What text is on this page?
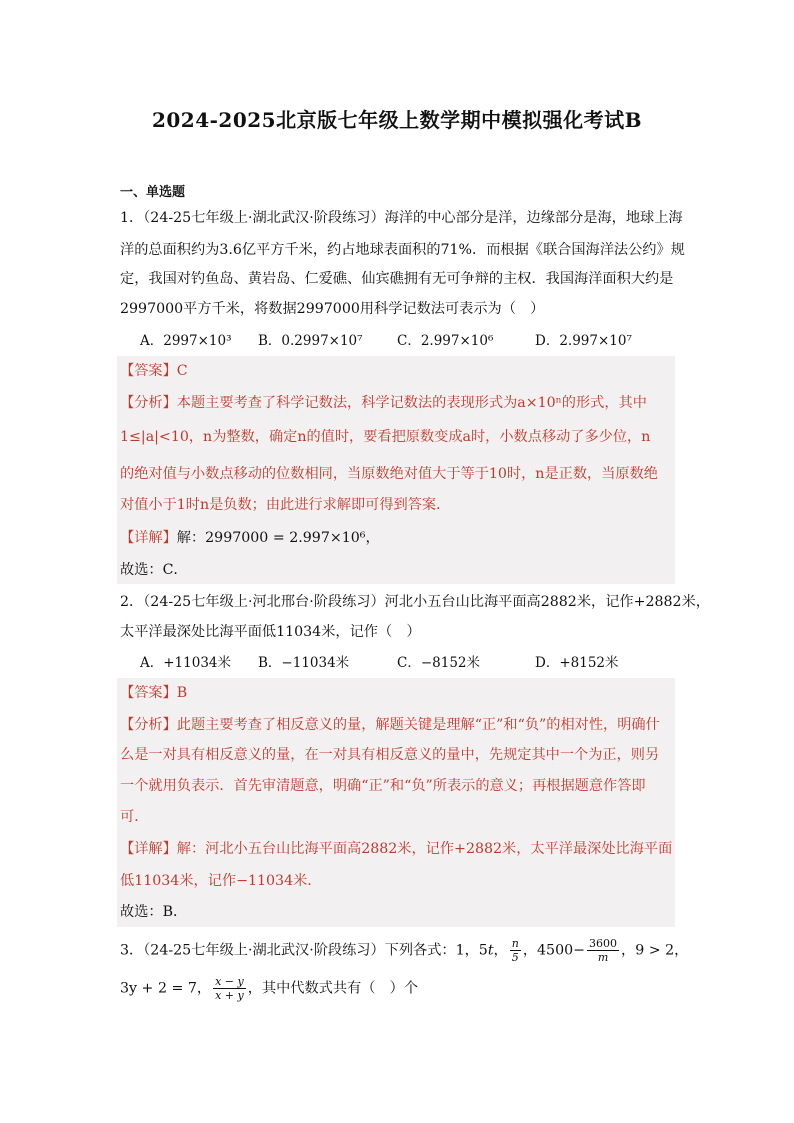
2024-2025北京版七年级上数学期中模拟强化考试B
一、单选题
1．（24-25七年级上·湖北武汉·阶段练习）海洋的中心部分是洋，边缘部分是海，地球上海
洋的总面积约为3.6亿平方千米，约占地球表面积的71%．而根据《联合国海洋法公约》规
定，我国对钓鱼岛、黄岩岛、仁爱礁、仙宾礁拥有无可争辩的主权．我国海洋面积大约是
2997000平方千米，将数据2997000用科学记数法可表示为（　）
A．2997×10³ B．0.2997×10⁷	C．2.997×10⁶	D．2.997×10⁷
【答案】C
【分析】本题主要考查了科学记数法，科学记数法的表现形式为a×10ⁿ的形式，其中
1≤|a|<10，n为整数，确定n的值时，要看把原数变成a时，小数点移动了多少位，n
的绝对值与小数点移动的位数相同，当原数绝对值大于等于10时，n是正数，当原数绝
对值小于1时n是负数；由此进行求解即可得到答案．
【详解】解：2997000 = 2.997×10⁶，
故选：C．
2．（24-25七年级上·河北邢台·阶段练习）河北小五台山比海平面高2882米，记作+2882米，
太平洋最深处比海平面低11034米，记作（　）
A．+11034米 B．−11034米	C．−8152米	D．+8152米
【答案】B
【分析】此题主要考查了相反意义的量，解题关键是理解“正”和“负”的相对性，明确什
么是一对具有相反意义的量，在一对具有相反意义的量中，先规定其中一个为正，则另
一个就用负表示．首先审清题意，明确“正”和“负”所表示的意义；再根据题意作答即
可．
【详解】解：河北小五台山比海平面高2882米，记作+2882米，太平洋最深处比海平面
低11034米，记作−11034米．
故选：B．
3．（24-25七年级上·湖北武汉·阶段练习）下列各式：1，5t， $\frac{n}{5}$ ，$4500- \frac{3600}{m}$ ，9 > 2，
3y + 2 = 7， $\frac{x - y}{x + y}$ ，其中代数式共有（　）个
